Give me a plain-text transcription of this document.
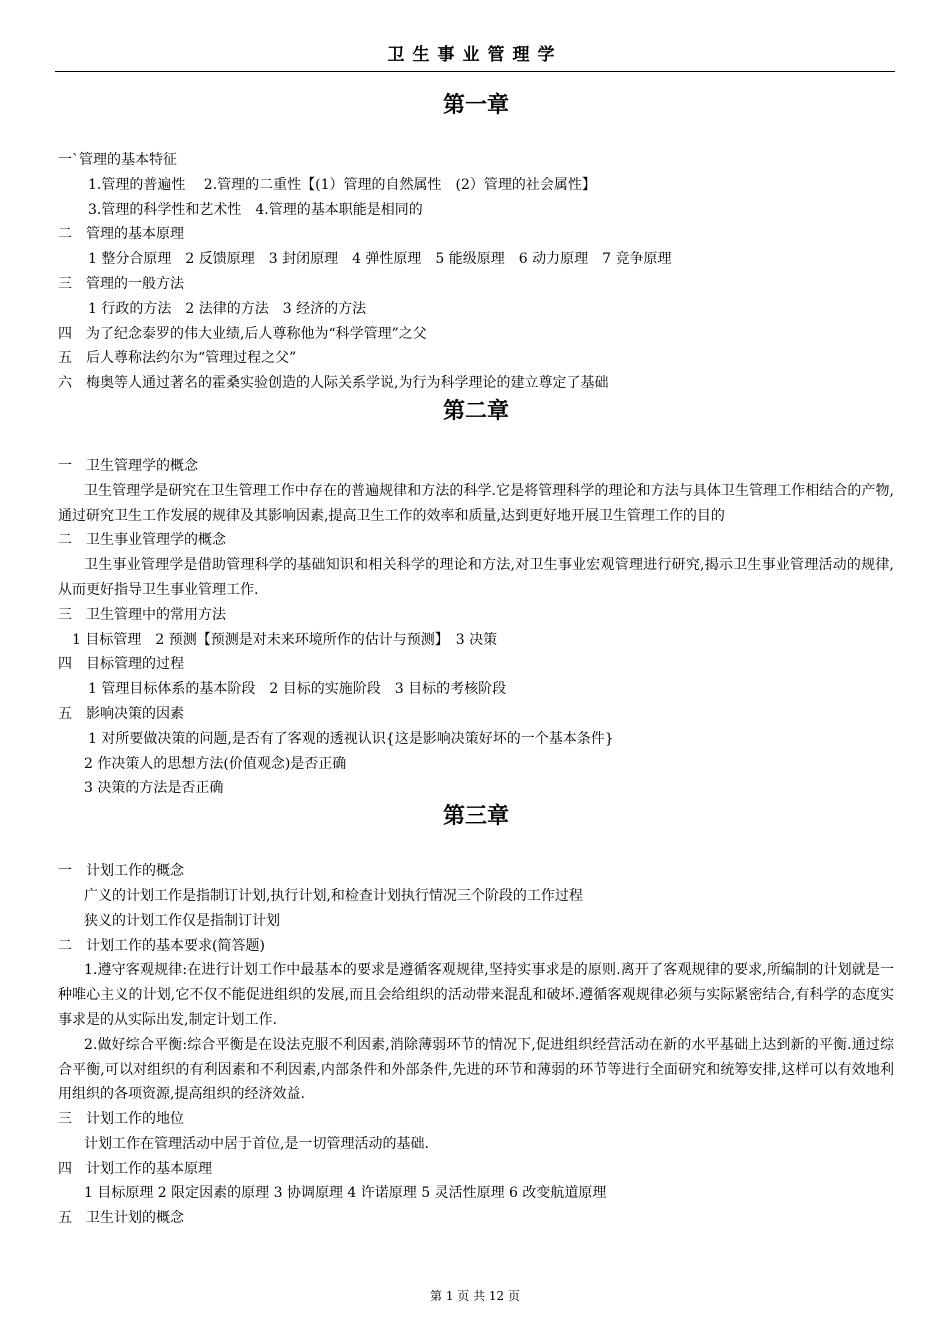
卫生事业管理学
第一章

一`管理的基本特征

1.管理的普遍性　 2.管理的二重性【(1）管理的自然属性　(2）管理的社会属性】

3.管理的科学性和艺术性　4.管理的基本职能是相同的

二　管理的基本原理

1 整分合原理　2 反馈原理　3 封闭原理　4 弹性原理　5 能级原理　6 动力原理　7 竞争原理

三　管理的一般方法

1 行政的方法　2 法律的方法　3 经济的方法

四　为了纪念泰罗的伟大业绩,后人尊称他为“科学管理”之父

五　后人尊称法约尔为“管理过程之父”

六　梅奥等人通过著名的霍桑实验创造的人际关系学说,为行为科学理论的建立尊定了基础

第二章

一　卫生管理学的概念

卫生管理学是研究在卫生管理工作中存在的普遍规律和方法的科学.它是将管理科学的理论和方法与具体卫生管理工作相结合的产物,通过研究卫生工作发展的规律及其影响因素,提高卫生工作的效率和质量,达到更好地开展卫生管理工作的目的

二　卫生事业管理学的概念

卫生事业管理学是借助管理科学的基础知识和相关科学的理论和方法,对卫生事业宏观管理进行研究,揭示卫生事业管理活动的规律,从而更好指导卫生事业管理工作.

三　卫生管理中的常用方法

1 目标管理　2 预测【预测是对未来环境所作的估计与预测】　3 决策

四　目标管理的过程

1 管理目标体系的基本阶段　2 目标的实施阶段　3 目标的考核阶段

五　影响决策的因素

1 对所要做决策的问题,是否有了客观的透视认识{这是影响决策好坏的一个基本条件}

2 作决策人的思想方法(价值观念)是否正确

3 决策的方法是否正确

第三章

一　计划工作的概念

广义的计划工作是指制订计划,执行计划,和检查计划执行情况三个阶段的工作过程

狭义的计划工作仅是指制订计划

二　计划工作的基本要求(简答题)

1.遵守客观规律:在进行计划工作中最基本的要求是遵循客观规律,坚持实事求是的原则.离开了客观规律的要求,所编制的计划就是一种唯心主义的计划,它不仅不能促进组织的发展,而且会给组织的活动带来混乱和破坏.遵循客观规律必须与实际紧密结合,有科学的态度实事求是的从实际出发,制定计划工作.

2.做好综合平衡:综合平衡是在设法克服不利因素,消除薄弱环节的情况下,促进组织经营活动在新的水平基础上达到新的平衡.通过综合平衡,可以对组织的有利因素和不利因素,内部条件和外部条件,先进的环节和薄弱的环节等进行全面研究和统筹安排,这样可以有效地利用组织的各项资源,提高组织的经济效益.

三　计划工作的地位

计划工作在管理活动中居于首位,是一切管理活动的基础.

四　计划工作的基本原理

1 目标原理 2 限定因素的原理 3 协调原理 4 许诺原理 5 灵活性原理 6 改变航道原理

五　卫生计划的概念

第 1 页 共 12 页
